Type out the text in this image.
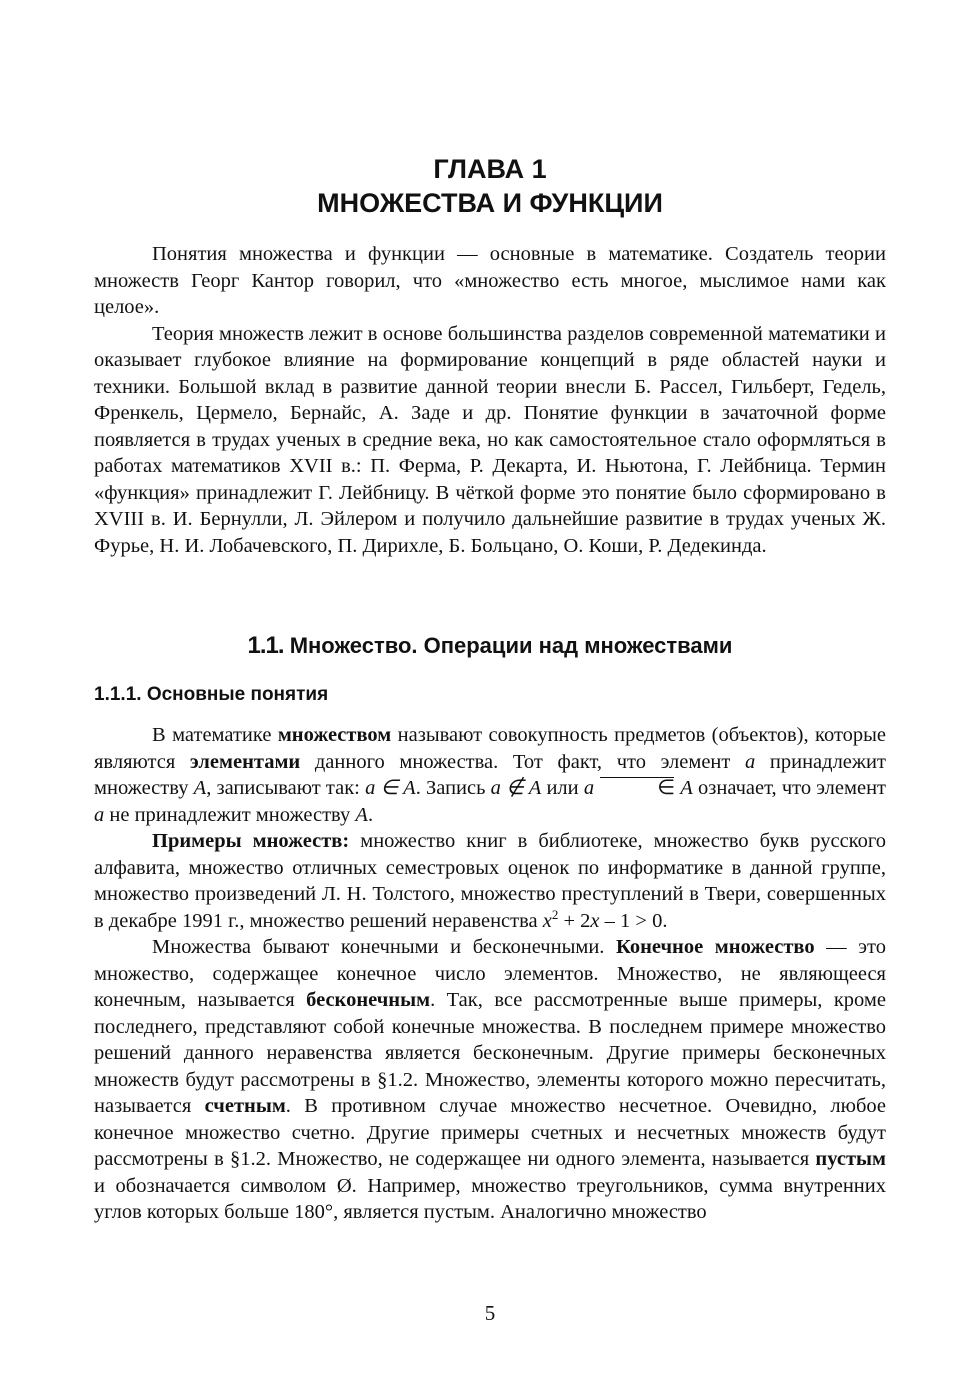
ГЛАВА 1
МНОЖЕСТВА И ФУНКЦИИ

Понятия множества и функции — основные в математике. Создатель теории множеств Георг Кантор говорил, что «множество есть многое, мыслимое нами как целое».

Теория множеств лежит в основе большинства разделов современной математики и оказывает глубокое влияние на формирование концепций в ряде областей науки и техники. Большой вклад в развитие данной теории внесли Б. Рассел, Гильберт, Гедель, Френкель, Цермело, Бернайс, А. Заде и др. Понятие функции в зачаточной форме появляется в трудах ученых в средние века, но как самостоятельное стало оформляться в работах математиков XVII в.: П. Ферма, Р. Декарта, И. Ньютона, Г. Лейбница. Термин «функция» принадлежит Г. Лейбницу. В чёткой форме это понятие было сформировано в XVIII в. И. Бернулли, Л. Эйлером и получило дальнейшие развитие в трудах ученых Ж. Фурье, Н. И. Лобачевского, П. Дирихле, Б. Больцано, О. Коши, Р. Дедекинда.

1.1. Множество. Операции над множествами
1.1.1. Основные понятия

В математике множеством называют совокупность предметов (объектов), которые являются элементами данного множества. Тот факт, что элемент a принадлежит множеству A, записывают так: a ∈ A. Запись a ∉ A или a	∈ A означает, что элемент a не принадлежит множеству A.

Примеры множеств: множество книг в библиотеке, множество букв русского алфавита, множество отличных семестровых оценок по информатике в данной группе, множество произведений Л. Н. Толстого, множество преступлений в Твери, совершенных в декабре 1991 г., множество решений неравенства $x^2 + 2x - 1 > 0$.

Множества бывают конечными и бесконечными. Конечное множество — это множество, содержащее конечное число элементов. Множество, не являющееся конечным, называется бесконечным. Так, все рассмотренные выше примеры, кроме последнего, представляют собой конечные множества. В последнем примере множество решений данного неравенства является бесконечным. Другие примеры бесконечных множеств будут рассмотрены в §1.2. Множество, элементы которого можно пересчитать, называется счетным. В противном случае множество несчетное. Очевидно, любое конечное множество счетно. Другие примеры счетных и несчетных множеств будут рассмотрены в §1.2. Множество, не содержащее ни одного элемента, называется пустым и обозначается символом Ø. Например, множество треугольников, сумма внутренних углов которых больше 180°, является пустым. Аналогично множество

5
